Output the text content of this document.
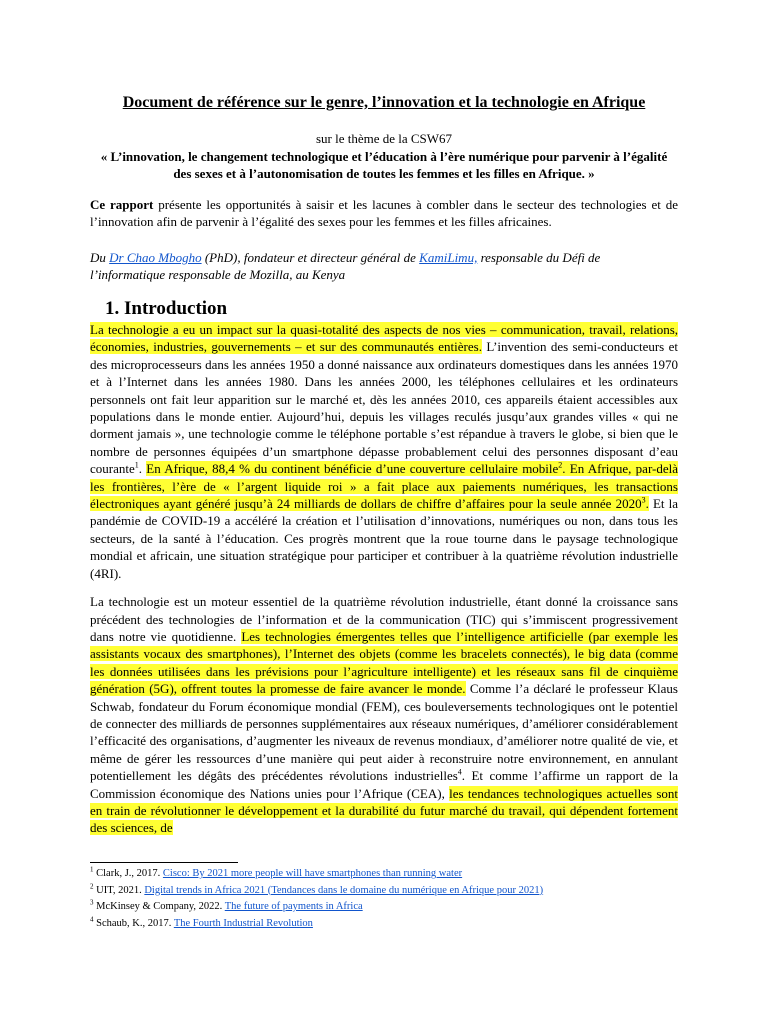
Document de référence sur le genre, l’innovation et la technologie en Afrique
sur le thème de la CSW67
« L’innovation, le changement technologique et l’éducation à l’ère numérique pour parvenir à l’égalité des sexes et à l’autonomisation de toutes les femmes et les filles en Afrique. »

Ce rapport présente les opportunités à saisir et les lacunes à combler dans le secteur des technologies et de l’innovation afin de parvenir à l’égalité des sexes pour les femmes et les filles africaines.

Du Dr Chao Mbogho (PhD), fondateur et directeur général de KamiLimu, responsable du Défi de l’informatique responsable de Mozilla, au Kenya

1. Introduction

La technologie a eu un impact sur la quasi-totalité des aspects de nos vies – communication, travail, relations, économies, industries, gouvernements – et sur des communautés entières. L’invention des semi-conducteurs et des microprocesseurs dans les années 1950 a donné naissance aux ordinateurs domestiques dans les années 1970 et à l’Internet dans les années 1980. Dans les années 2000, les téléphones cellulaires et les ordinateurs personnels ont fait leur apparition sur le marché et, dès les années 2010, ces appareils étaient accessibles aux populations dans le monde entier. Aujourd’hui, depuis les villages reculés jusqu’aux grandes villes « qui ne dorment jamais », une technologie comme le téléphone portable s’est répandue à travers le globe, si bien que le nombre de personnes équipées d’un smartphone dépasse probablement celui des personnes disposant d’eau courante$^1$. En Afrique, 88,4 % du continent bénéficie d’une couverture cellulaire mobile$^2$. En Afrique, par-delà les frontières, l’ère de « l’argent liquide roi » a fait place aux paiements numériques, les transactions électroniques ayant généré jusqu’à 24 milliards de dollars de chiffre d’affaires pour la seule année 2020$^3$. Et la pandémie de COVID-19 a accéléré la création et l’utilisation d’innovations, numériques ou non, dans tous les secteurs, de la santé à l’éducation. Ces progrès montrent que la roue tourne dans le paysage technologique mondial et africain, une situation stratégique pour participer et contribuer à la quatrième révolution industrielle (4RI).

La technologie est un moteur essentiel de la quatrième révolution industrielle, étant donné la croissance sans précédent des technologies de l’information et de la communication (TIC) qui s’immiscent progressivement dans notre vie quotidienne. Les technologies émergentes telles que l’intelligence artificielle (par exemple les assistants vocaux des smartphones), l’Internet des objets (comme les bracelets connectés), le big data (comme les données utilisées dans les prévisions pour l’agriculture intelligente) et les réseaux sans fil de cinquième génération (5G), offrent toutes la promesse de faire avancer le monde. Comme l’a déclaré le professeur Klaus Schwab, fondateur du Forum économique mondial (FEM), ces bouleversements technologiques ont le potentiel de connecter des milliards de personnes supplémentaires aux réseaux numériques, d’améliorer considérablement l’efficacité des organisations, d’augmenter les niveaux de revenus mondiaux, d’améliorer notre qualité de vie, et même de gérer les ressources d’une manière qui peut aider à reconstruire notre environnement, en annulant potentiellement les dégâts des précédentes révolutions industrielles$^4$. Et comme l’affirme un rapport de la Commission économique des Nations unies pour l’Afrique (CEA), les tendances technologiques actuelles sont en train de révolutionner le développement et la durabilité du futur marché du travail, qui dépendent fortement des sciences, de

$^1$ Clark, J., 2017. Cisco: By 2021 more people will have smartphones than running water
$^2$ UIT, 2021. Digital trends in Africa 2021 (Tendances dans le domaine du numérique en Afrique pour 2021)
$^3$ McKinsey & Company, 2022. The future of payments in Africa
$^4$ Schaub, K., 2017. The Fourth Industrial Revolution
